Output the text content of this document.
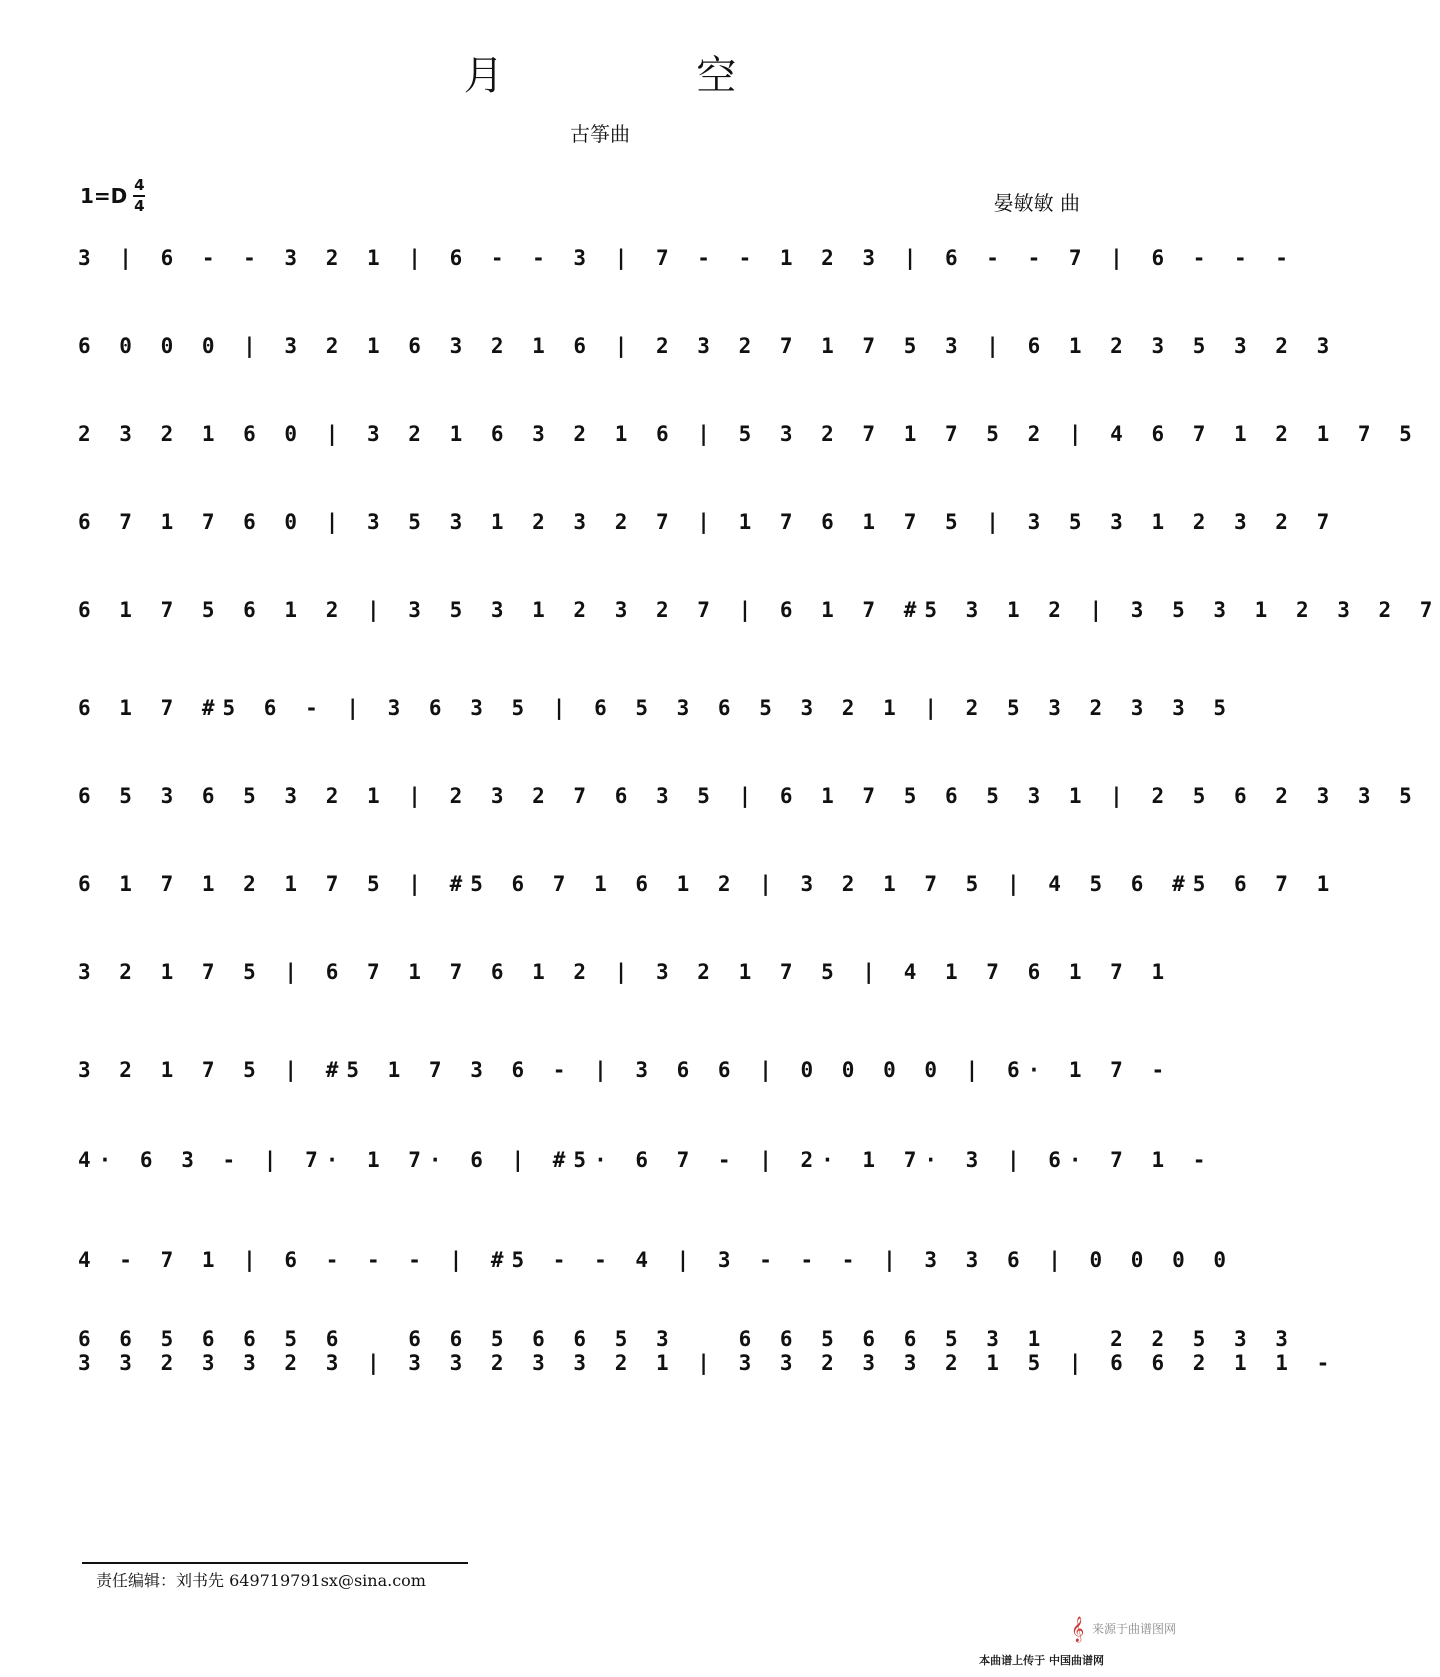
月 空
古筝曲
$1=D \frac{4}{4}$	晏敏敏 曲
3 | 6 - - 3 2 1 | 6 - - 3 | 7 - - 1 2 3 | 6 - - 7 | 6 - - -
6 0 0 0 | 3 2 1 6 3 2 1 6 | 2 3 2 7 1 7 5 3 | 6 1 2 3 5 3 2 3
2 3 2 1 6 0 | 3 2 1 6 3 2 1 6 | 5 3 2 7 1 7 5 2 | 4 6 7 1 2 1 7 5
6 7 1 7 6 0 | 3 5 3 1 2 3 2 7 | 1 7 6 1 7 5 | 3 5 3 1 2 3 2 7
6 1 7 5 6 1 2 | 3 5 3 1 2 3 2 7 | 6 1 7 #5 3 1 2 | 3 5 3 1 2 3 2 7
6 1 7 #5 6 - | 3 6 3 5 | 6 5 3 6 5 3 2 1 | 2 5 3 2 3 3 5
6 5 3 6 5 3 2 1 | 2 3 2 7 6 3 5 | 6 1 7 5 6 5 3 1 | 2 5 6 2 3 3 5
6 1 7 1 2 1 7 5 | #5 6 7 1 6 1 2 | 3 2 1 7 5 | 4 5 6 #5 6 7 1
3 2 1 7 5 | 6 7 1 7 6 1 2 | 3 2 1 7 5 | 4 1 7 6 1 7 1
3 2 1 7 5 | #5 1 7 3 6 - | 3 6 6 | 0 0 0 0 | 6· 1 7 -
4· 6 3 - | 7· 1 7· 6 | #5· 6 7 - | 2· 1 7· 3 | 6· 7 1 -
4 - 7 1 | 6 - - - | #5 - - 4 | 3 - - - | 3 3 6 | 0 0 0 0
6 6 5 6 6 5 6   6 6 5 6 6 5 3   6 6 5 6 6 5 3 1   2 2 5 3 3
3 3 2 3 3 2 3 | 3 3 2 3 3 2 1 | 3 3 2 3 3 2 1 5 | 6 6 2 1 1 -
责任编辑：刘书先 649719791sx@sina.com
𝄞 来源于曲谱图网
本曲谱上传于 中国曲谱网
